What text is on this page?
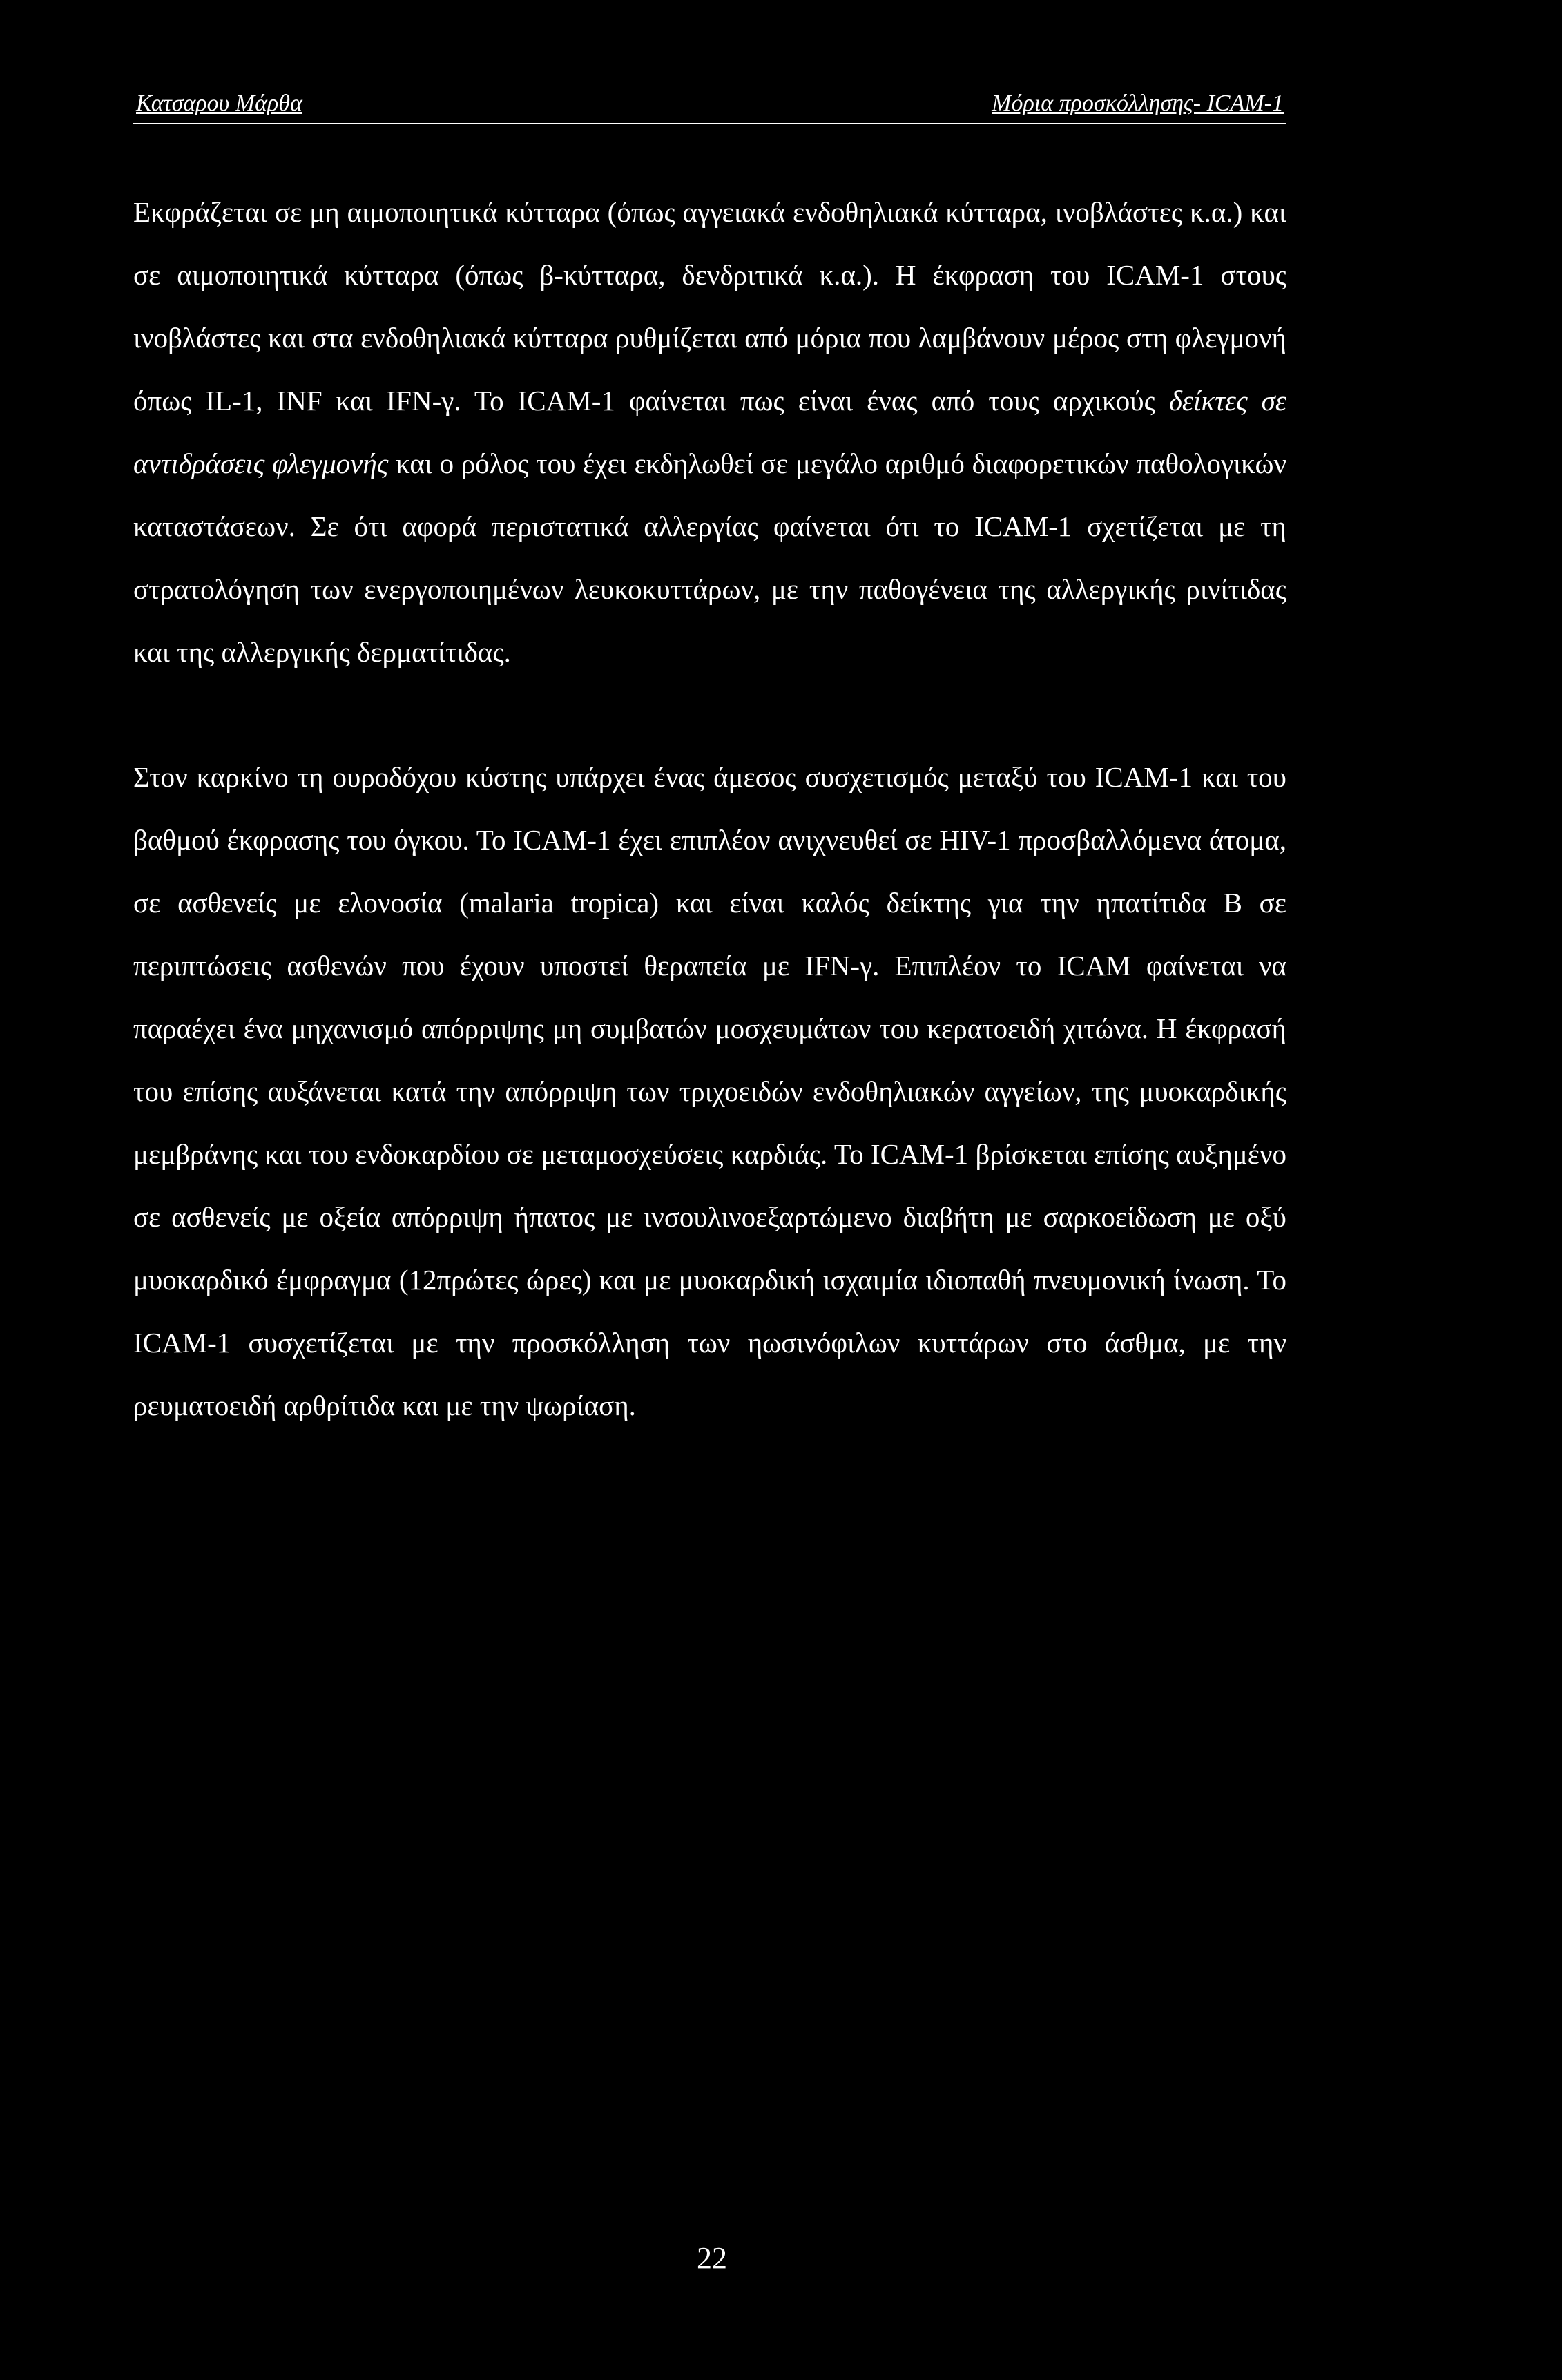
Κατσαρου Μάρθα	Μόρια προσκόλλησης- ICAM-1
Εκφράζεται σε μη αιμοποιητικά κύτταρα (όπως αγγειακά ενδοθηλιακά κύτταρα, ινοβλάστες κ.α.) και σε αιμοποιητικά κύτταρα (όπως β-κύτταρα, δενδριτικά κ.α.). Η έκφραση του ICAM-1 στους ινοβλάστες και στα ενδοθηλιακά κύτταρα ρυθμίζεται από μόρια που λαμβάνουν μέρος στη φλεγμονή όπως IL-1, INF και IFN-γ. Το ICAM-1 φαίνεται πως είναι ένας από τους αρχικούς δείκτες σε αντιδράσεις φλεγμονής και ο ρόλος του έχει εκδηλωθεί σε μεγάλο αριθμό διαφορετικών παθολογικών καταστάσεων. Σε ότι αφορά περιστατικά αλλεργίας φαίνεται ότι το ICAM-1 σχετίζεται με τη στρατολόγηση των ενεργοποιημένων λευκοκυττάρων, με την παθογένεια της αλλεργικής ρινίτιδας και της αλλεργικής δερματίτιδας.
Στον καρκίνο τη ουροδόχου κύστης υπάρχει ένας άμεσος συσχετισμός μεταξύ του ICAM-1 και του βαθμού έκφρασης του όγκου. Το ICAM-1 έχει επιπλέον ανιχνευθεί σε HIV-1 προσβαλλόμενα άτομα, σε ασθενείς με ελονοσία (malaria tropica) και είναι καλός δείκτης για την ηπατίτιδα Β σε περιπτώσεις ασθενών που έχουν υποστεί θεραπεία με IFN-γ. Επιπλέον το ICAM φαίνεται να παραέχει ένα μηχανισμό απόρριψης μη συμβατών μοσχευμάτων του κερατοειδή χιτώνα. Η έκφρασή του επίσης αυξάνεται κατά την απόρριψη των τριχοειδών ενδοθηλιακών αγγείων, της μυοκαρδικής μεμβράνης και του ενδοκαρδίου σε μεταμοσχεύσεις καρδιάς. Το ICAM-1 βρίσκεται επίσης αυξημένο σε ασθενείς με οξεία απόρριψη ήπατος με ινσουλινοεξαρτώμενο διαβήτη με σαρκοείδωση με οξύ μυοκαρδικό έμφραγμα (12πρώτες ώρες) και με μυοκαρδική ισχαιμία ιδιοπαθή πνευμονική ίνωση. Το ICAM-1 συσχετίζεται με την προσκόλληση των ηωσινόφιλων κυττάρων στο άσθμα, με την ρευματοειδή αρθρίτιδα και με την ψωρίαση.
22
